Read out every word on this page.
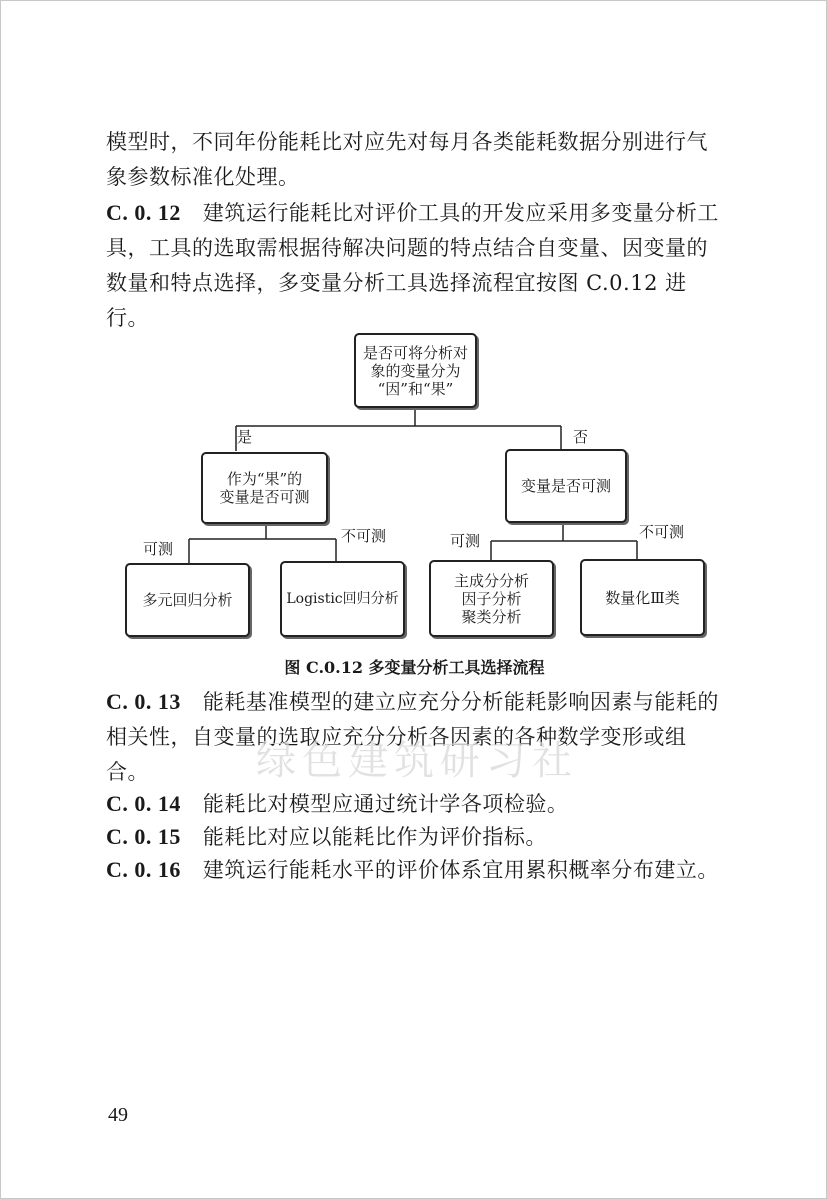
模型时，不同年份能耗比对应先对每月各类能耗数据分别进行气象参数标准化处理。

C. 0. 12 建筑运行能耗比对评价工具的开发应采用多变量分析工具，工具的选取需根据待解决问题的特点结合自变量、因变量的数量和特点选择，多变量分析工具选择流程宜按图 C.0.12 进行。

是否可将分析对
象的变量分为
“因”和“果”
是	否
作为“果”的
变量是否可测
变量是否可测
可测
不可测	可测	不可测
多元回归分析	Logistic回归分析
主成分分析
因子分析
聚类分析
数量化Ⅲ类
图 C.0.12 多变量分析工具选择流程

C. 0. 13 能耗基准模型的建立应充分分析能耗影响因素与能耗的相关性，自变量的选取应充分分析各因素的各种数学变形或组合。	绿色建筑研习社

C. 0. 14 能耗比对模型应通过统计学各项检验。

C. 0. 15 能耗比对应以能耗比作为评价指标。

C. 0. 16 建筑运行能耗水平的评价体系宜用累积概率分布建立。

49
